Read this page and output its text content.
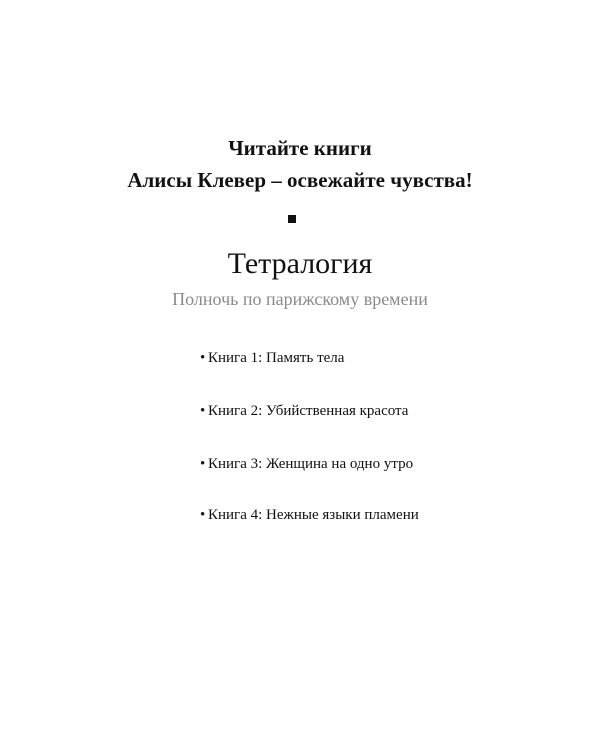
Читайте книги
Алисы Клевер – освежайте чувства!
Тетралогия
Полночь по парижскому времени
• Книга 1: Память тела
• Книга 2: Убийственная красота
• Книга 3: Женщина на одно утро
• Книга 4: Нежные языки пламени
